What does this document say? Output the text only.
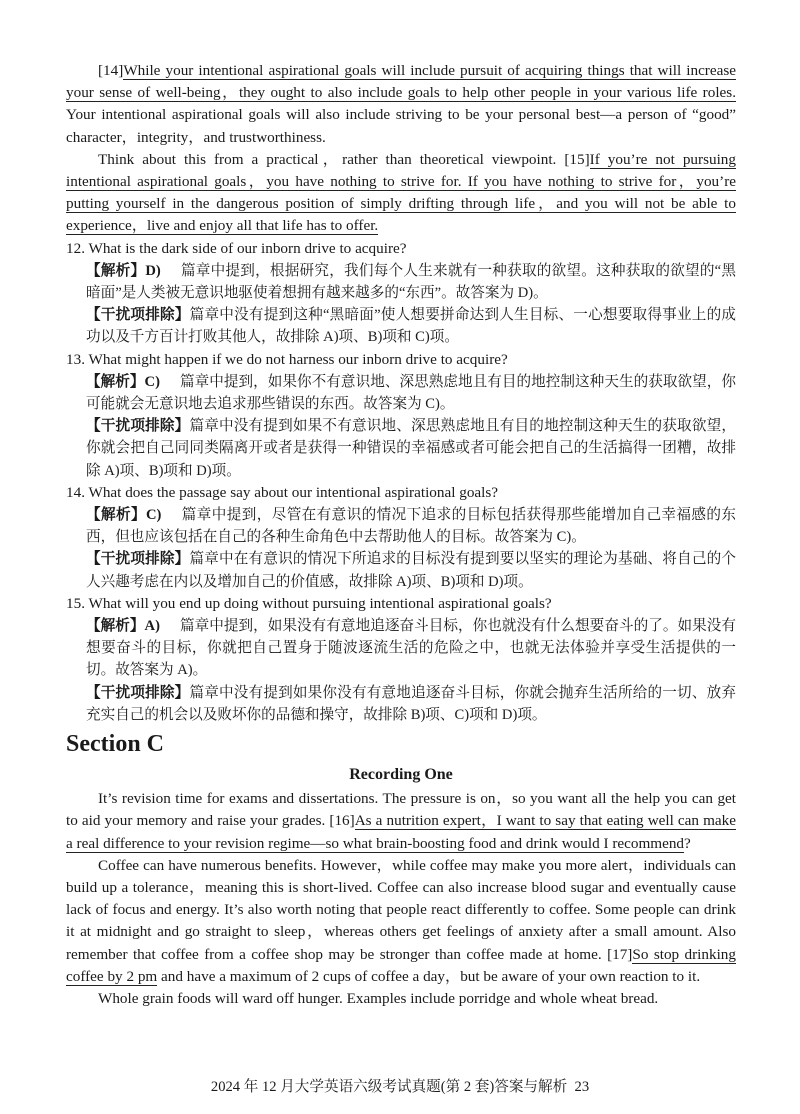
[14]While your intentional aspirational goals will include pursuit of acquiring things that will increase your sense of well-being，they ought to also include goals to help other people in your various life roles. Your intentional aspirational goals will also include striving to be your personal best—a person of “good” character，integrity，and trustworthiness.

Think about this from a practical，rather than theoretical viewpoint. [15]If you’re not pursuing intentional aspirational goals，you have nothing to strive for. If you have nothing to strive for，you’re putting yourself in the dangerous position of simply drifting through life，and you will not be able to experience，live and enjoy all that life has to offer.

12. What is the dark side of our inborn drive to acquire?

【解析】D) 篇章中提到，根据研究，我们每个人生来就有一种获取的欲望。这种获取的欲望的“黑暗面”是人类被无意识地驱使着想拥有越来越多的“东西”。故答案为 D)。

【干扰项排除】篇章中没有提到这种“黑暗面”使人想要拼命达到人生目标、一心想要取得事业上的成功以及千方百计打败其他人，故排除 A)项、B)项和 C)项。

13. What might happen if we do not harness our inborn drive to acquire?

【解析】C) 篇章中提到，如果你不有意识地、深思熟虑地且有目的地控制这种天生的获取欲望，你可能就会无意识地去追求那些错误的东西。故答案为 C)。

【干扰项排除】篇章中没有提到如果不有意识地、深思熟虑地且有目的地控制这种天生的获取欲望，你就会把自己同同类隔离开或者是获得一种错误的幸福感或者可能会把自己的生活搞得一团糟，故排除 A)项、B)项和 D)项。

14. What does the passage say about our intentional aspirational goals?

【解析】C) 篇章中提到，尽管在有意识的情况下追求的目标包括获得那些能增加自己幸福感的东西，但也应该包括在自己的各种生命角色中去帮助他人的目标。故答案为 C)。

【干扰项排除】篇章中在有意识的情况下所追求的目标没有提到要以坚实的理论为基础、将自己的个人兴趣考虑在内以及增加自己的价值感，故排除 A)项、B)项和 D)项。

15. What will you end up doing without pursuing intentional aspirational goals?

【解析】A) 篇章中提到，如果没有有意地追逐奋斗目标，你也就没有什么想要奋斗的了。如果没有想要奋斗的目标，你就把自己置身于随波逐流生活的危险之中，也就无法体验并享受生活提供的一切。故答案为 A)。

【干扰项排除】篇章中没有提到如果你没有有意地追逐奋斗目标，你就会抛弃生活所给的一切、放弃充实自己的机会以及败坏你的品德和操守，故排除 B)项、C)项和 D)项。

Section C
Recording One

It’s revision time for exams and dissertations. The pressure is on，so you want all the help you can get to aid your memory and raise your grades. [16]As a nutrition expert，I want to say that eating well can make a real difference to your revision regime—so what brain-boosting food and drink would I recommend?

Coffee can have numerous benefits. However，while coffee may make you more alert，individuals can build up a tolerance，meaning this is short-lived. Coffee can also increase blood sugar and eventually cause lack of focus and energy. It’s also worth noting that people react differently to coffee. Some people can drink it at midnight and go straight to sleep，whereas others get feelings of anxiety after a small amount. Also remember that coffee from a coffee shop may be stronger than coffee made at home. [17]So stop drinking coffee by 2 pm and have a maximum of 2 cups of coffee a day，but be aware of your own reaction to it.

Whole grain foods will ward off hunger. Examples include porridge and whole wheat bread.

2024 年 12 月大学英语六级考试真题(第 2 套)答案与解析 23
